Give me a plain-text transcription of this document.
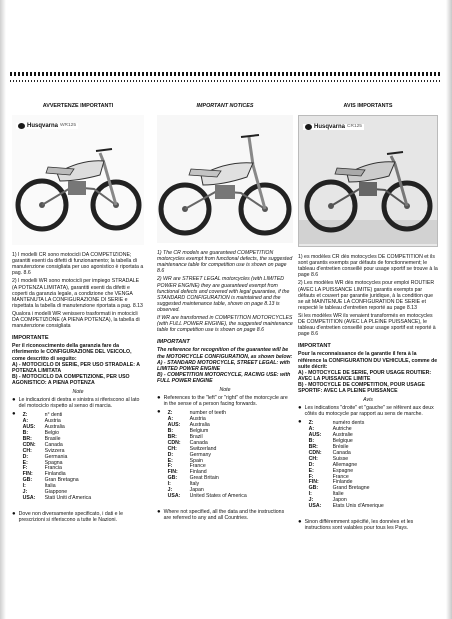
AVVERTENZE IMPORTANTI
Husqvarna WR125

1) I modelli CR sono motocicli DA COMPETIZIONE; garantiti esenti da difetti di funzionamento; la tabella di manutenzione consigliata per uso agonistico è riportata a pag. 8.6

2) I modelli WR sono motocicli per impiego STRADALE (A POTENZA LIMITATA), garantiti esenti da difetti e coperti da garanzia legale, a condizione che VENGA MANTENUTA LA CONFIGURAZIONE DI SERIE e rispettata la tabella di manutenzione riportata a pag. 8.13

Qualora i modelli WR venissero trasformati in motocicli DA COMPETIZIONE (A PIENA POTENZA), la tabella di manutenzione consigliata

IMPORTANTE
Per il riconoscimento della garanzia fare da riferimento le CONFIGURAZIONE DEL VEICOLO,
come descritto di seguito:
A) - MOTOCICLO DI SERIE, PER USO STRADALE: A POTENZA LIMITATA
B) - MOTOCICLO DA COMPETIZIONE, PER USO AGONISTICO: A PIENA POTENZA
Note
● Le indicazioni di destra e sinistra si riferiscono al lato del motociclo rispetto al senso di marcia.
● Z:	n° denti
A:	Austria
AUS:	Australia
B:	Belgio
BR:	Brasile
CDN:	Canada
CH:	Svizzera
D:	Germania
E:	Spagna
F:	Francia
FIN:	Finlandia
GB:	Gran Bretagna
I:	Italia
J:	Giappone
USA:	Stati Uniti d'America
● Dove non diversamente specificato, i dati e le prescrizioni si riferiscono a tutte le Nazioni.
IMPORTANT NOTICES

1) The CR models are guaranteed COMPETITION motorcycles exempt from functional defects, the suggested maintenance table for competition use is shown on page 8.6

2) WR are STREET LEGAL motorcycles (with LIMITED POWER ENGINE) they are guaranteed exempt from functional defects and covered with legal guarantee, if the STANDARD CONFIGURATION is maintained and the suggested maintenance table, shown on page 8.13 is observed.

If WR are transformed in COMPETITION MOTORCYCLES (with FULL POWER ENGINE), the suggested maintenance table for competition use is shown on page 8.6

IMPORTANT
The reference for recognition of the guarantee will be the MOTORCYCLE CONFIGURATION, as shown below:
A) - STANDARD MOTORCYCLE, STREET LEGAL: with LIMITED POWER ENGINE
B) - COMPETITION MOTORCYCLE, RACING USE: with FULL POWER ENGINE
Note
● References to the "left" or "right" of the motorcycle are in the sense of a person facing forwards.
● Z:	number of teeth
A:	Austria
AUS:	Australia
B:	Belgium
BR:	Brazil
CDN:	Canada
CH:	Switzerland
D:	Germany
E:	Spain
F:	France
FIN:	Finland
GB:	Great Britain
I:	Italy
J:	Japan
USA:	United States of America
● Where not specified, all the data and the instructions are referred to any and all Countries.
AVIS IMPORTANTS
Husqvarna CR125

1) es modèles CR dès motocycles DE COMPETITION et ils sont garantis exempts par défauts de fonctionnement; le tableau d'entretien conseillé pour usage sportif se trouve à la page 8.6

2) Les modèles WR dès motocycles pour emploi ROUTIER (AVEC LA PUISSANCE LIMITE) garantis exempts par défauts et couvert par garantie juridique, à la condition que se ait MAINTENUE LA CONFIGURATION DE SERIE et respecté le tableau d'entretien reporté au page 8.13

Si les modèles WR ils venaient transformés en motocycles DE COMPETITION (AVEC LA PLEINE PUISSANCE), le tableau d'entretien conseillé pour usage sportif est reporté à page 8.6

IMPORTANT
Pour la reconnaissance de la garantie il fera à la référence la CONFIGURATION DU VEHICULE, comme de suite décrit:
A) - MOTOCYCLE DE SERIE, POUR USAGE ROUTIER: AVEC LA PUISSANCE LIMITE
B) - MOTOCYCLE DE COMPETITION, POUR USAGE SPORTIF: AVEC LA PLEINE PUISSANCE
Avis
● Les indications "droite" et "gauche" se réfèrent aux deux côtés du motocycle par rapport au sens de marche.
● Z:	numéro dents
A:	Autriche
AUS:	Australie
B:	Belgique
BR:	Brésile
CDN:	Canada
CH:	Suisse
D:	Allemagne
E:	Espagne
F:	France
FIN:	Finlande
GB:	Grand Bretagne
I:	Italie
J:	Japon
USA:	Etats Unis d'Amerique
● Sinon différemment spécifié, les données et les instructions sont valables pour tous les Pays.
